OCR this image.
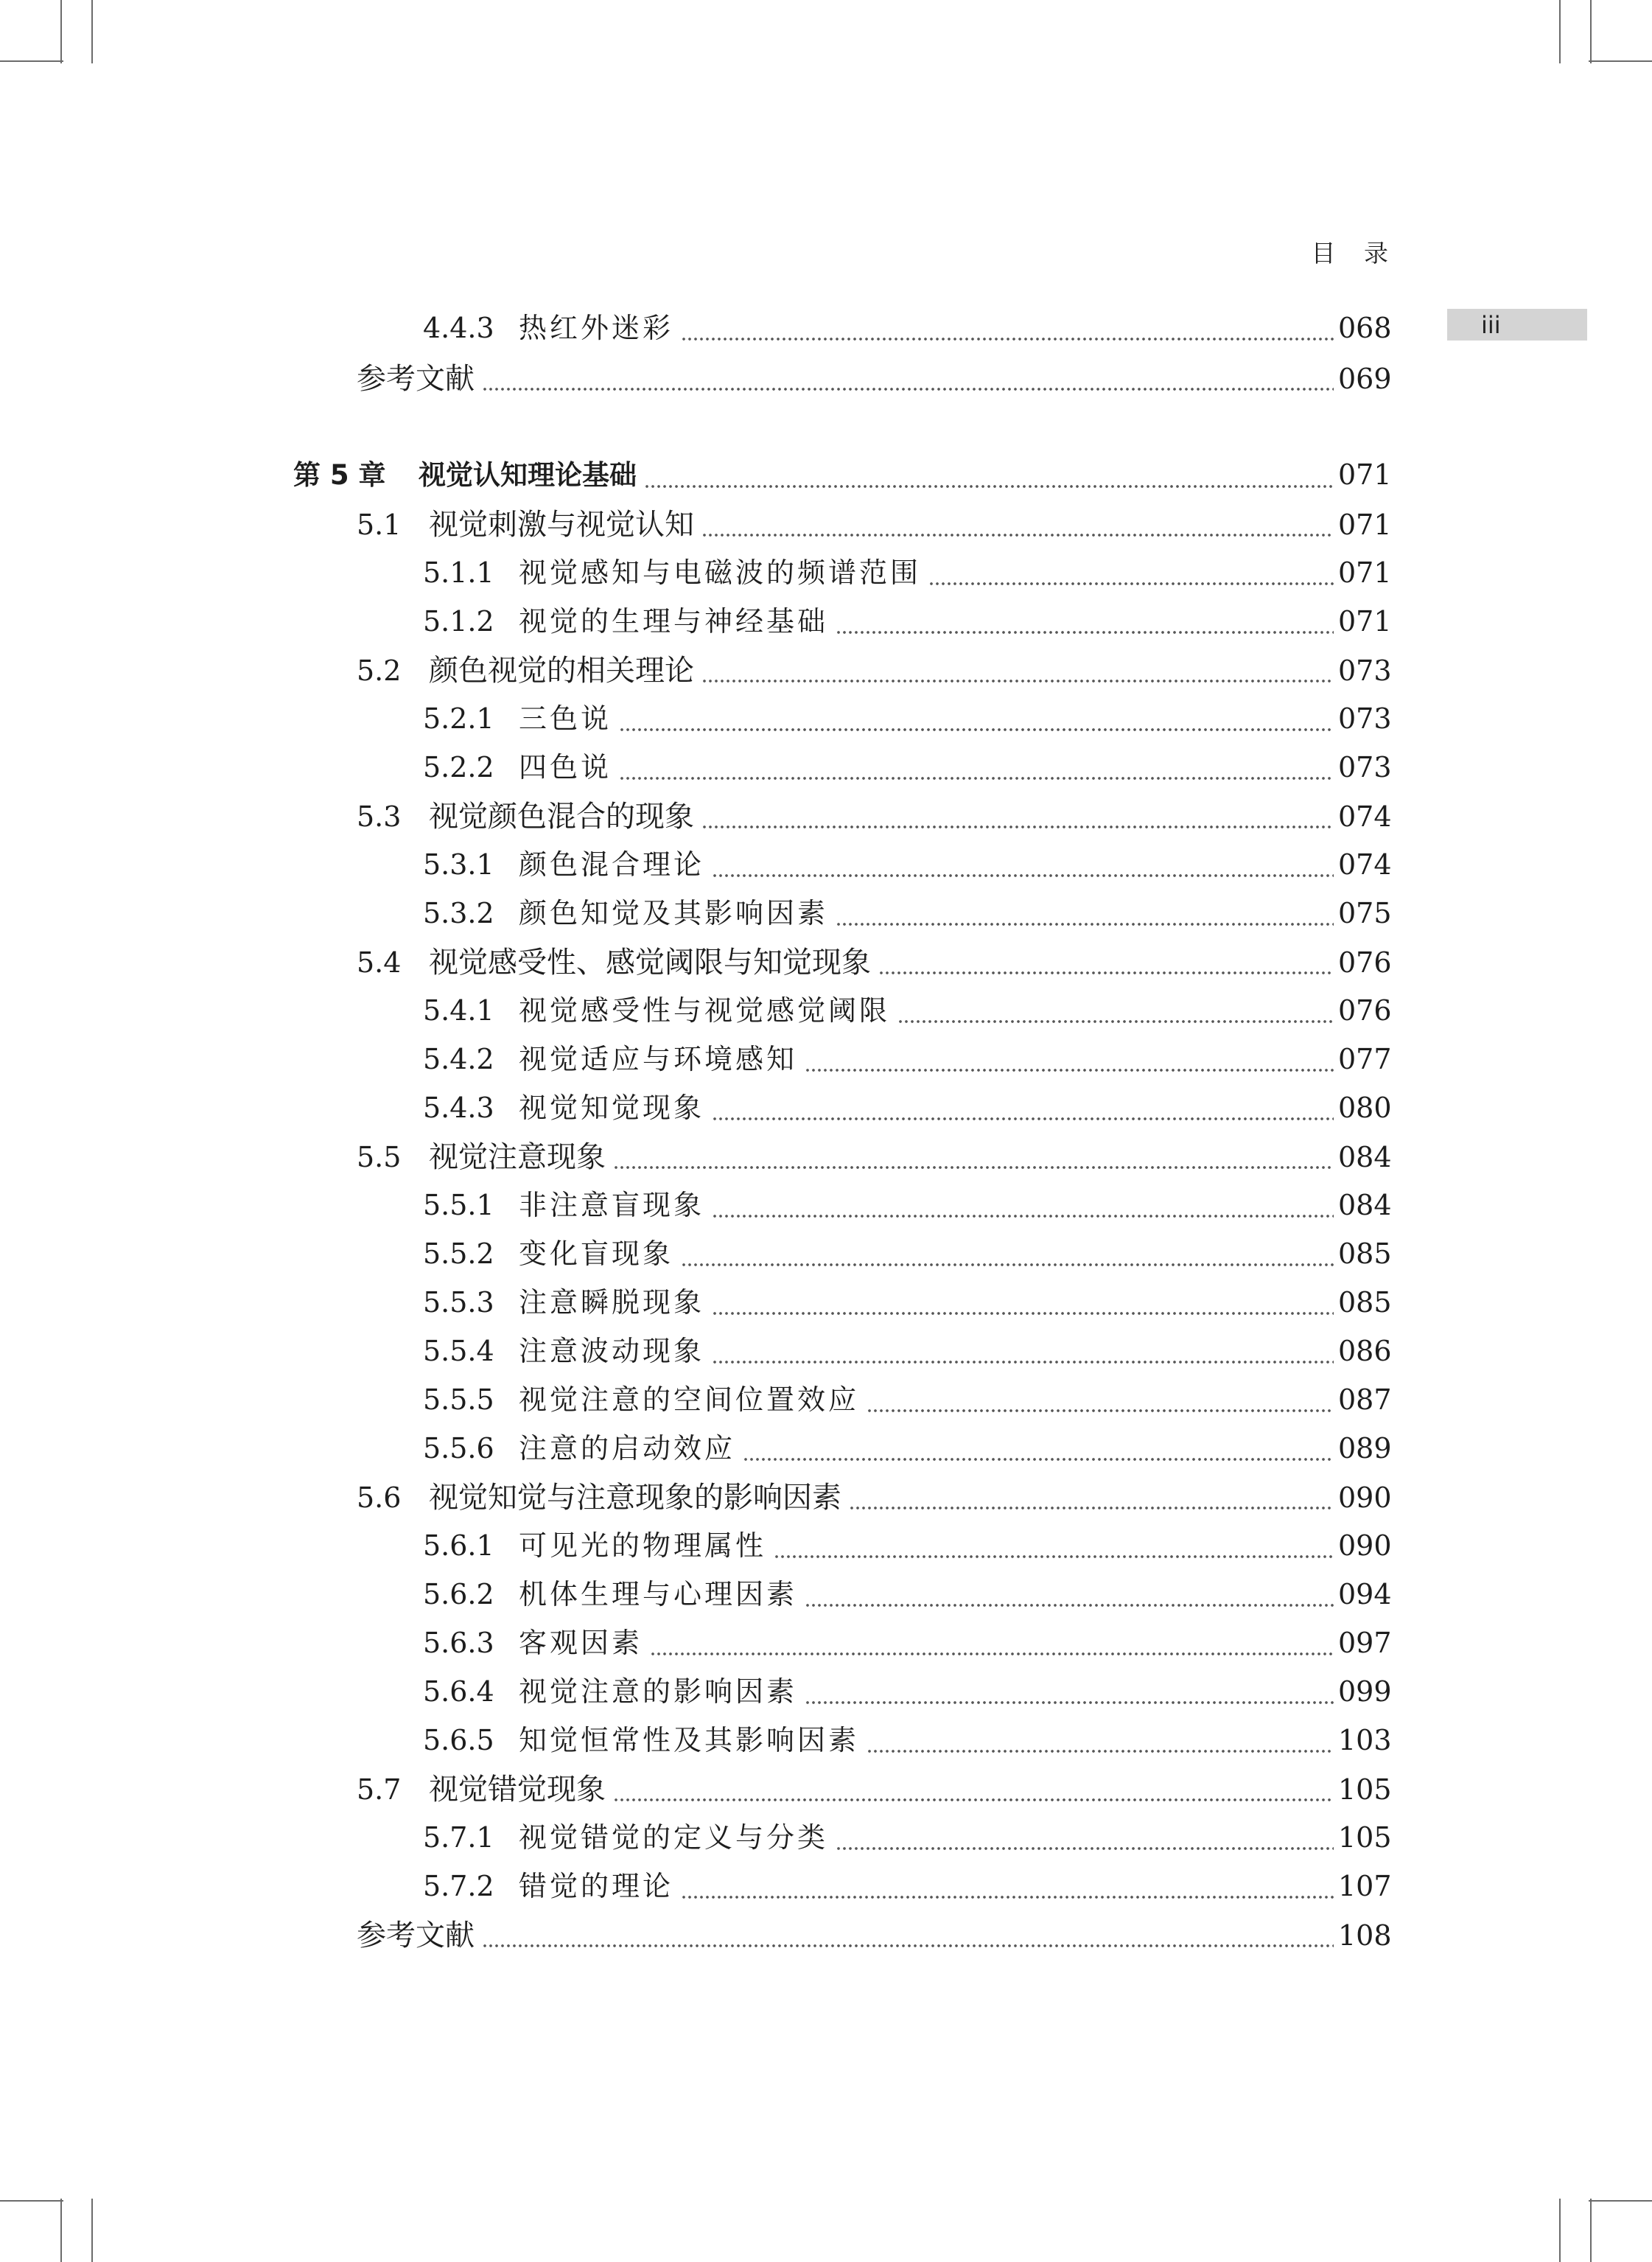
目 录
iii
4.4.3 热红外迷彩	068
参考文献	069
第 5 章	视觉认知理论基础	071
5.1 视觉刺激与视觉认知	071
5.1.1 视觉感知与电磁波的频谱范围	071
5.1.2 视觉的生理与神经基础	071
5.2 颜色视觉的相关理论	073
5.2.1 三色说	073
5.2.2 四色说	073
5.3 视觉颜色混合的现象	074
5.3.1 颜色混合理论	074
5.3.2 颜色知觉及其影响因素	075
5.4 视觉感受性、感觉阈限与知觉现象	076
5.4.1 视觉感受性与视觉感觉阈限	076
5.4.2 视觉适应与环境感知	077
5.4.3 视觉知觉现象	080
5.5 视觉注意现象	084
5.5.1 非注意盲现象	084
5.5.2 变化盲现象	085
5.5.3 注意瞬脱现象	085
5.5.4 注意波动现象	086
5.5.5 视觉注意的空间位置效应	087
5.5.6 注意的启动效应	089
5.6 视觉知觉与注意现象的影响因素	090
5.6.1 可见光的物理属性	090
5.6.2 机体生理与心理因素	094
5.6.3 客观因素	097
5.6.4 视觉注意的影响因素	099
5.6.5 知觉恒常性及其影响因素	103
5.7 视觉错觉现象	105
5.7.1 视觉错觉的定义与分类	105
5.7.2 错觉的理论	107
参考文献	108
